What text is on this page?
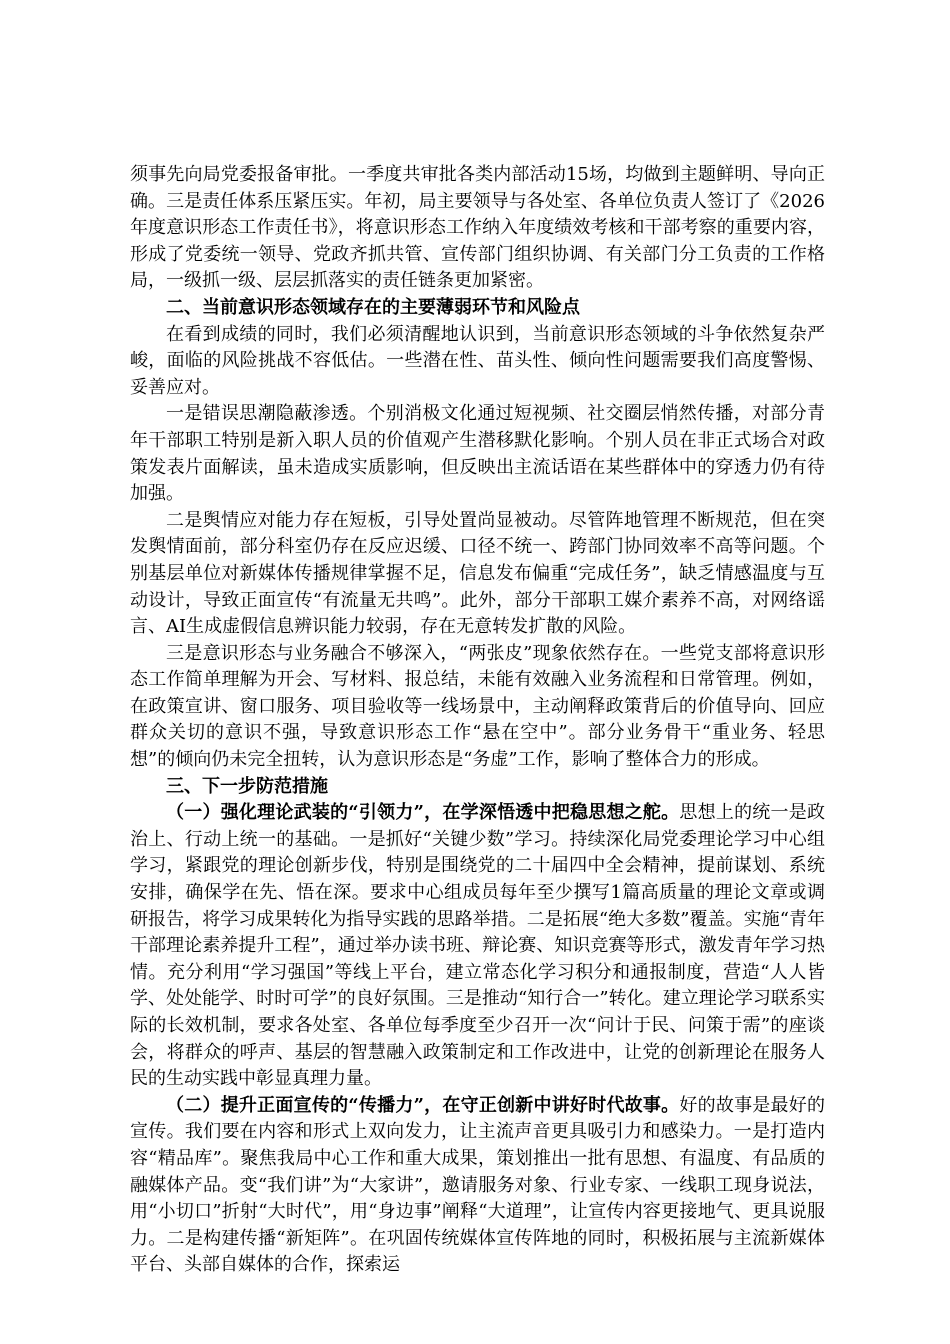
须事先向局党委报备审批。一季度共审批各类内部活动15场，均做到主题鲜明、导向正确。三是责任体系压紧压实。年初，局主要领导与各处室、各单位负责人签订了《2026年度意识形态工作责任书》，将意识形态工作纳入年度绩效考核和干部考察的重要内容，形成了党委统一领导、党政齐抓共管、宣传部门组织协调、有关部门分工负责的工作格局，一级抓一级、层层抓落实的责任链条更加紧密。

二、当前意识形态领域存在的主要薄弱环节和风险点

在看到成绩的同时，我们必须清醒地认识到，当前意识形态领域的斗争依然复杂严峻，面临的风险挑战不容低估。一些潜在性、苗头性、倾向性问题需要我们高度警惕、妥善应对。

一是错误思潮隐蔽渗透。个别消极文化通过短视频、社交圈层悄然传播，对部分青年干部职工特别是新入职人员的价值观产生潜移默化影响。个别人员在非正式场合对政策发表片面解读，虽未造成实质影响，但反映出主流话语在某些群体中的穿透力仍有待加强。

二是舆情应对能力存在短板，引导处置尚显被动。尽管阵地管理不断规范，但在突发舆情面前，部分科室仍存在反应迟缓、口径不统一、跨部门协同效率不高等问题。个别基层单位对新媒体传播规律掌握不足，信息发布偏重“完成任务”，缺乏情感温度与互动设计，导致正面宣传“有流量无共鸣”。此外，部分干部职工媒介素养不高，对网络谣言、AI生成虚假信息辨识能力较弱，存在无意转发扩散的风险。

三是意识形态与业务融合不够深入，“两张皮”现象依然存在。一些党支部将意识形态工作简单理解为开会、写材料、报总结，未能有效融入业务流程和日常管理。例如，在政策宣讲、窗口服务、项目验收等一线场景中，主动阐释政策背后的价值导向、回应群众关切的意识不强，导致意识形态工作“悬在空中”。部分业务骨干“重业务、轻思想”的倾向仍未完全扭转，认为意识形态是“务虚”工作，影响了整体合力的形成。

三、下一步防范措施

（一）强化理论武装的“引领力”，在学深悟透中把稳思想之舵。思想上的统一是政治上、行动上统一的基础。一是抓好“关键少数”学习。持续深化局党委理论学习中心组学习，紧跟党的理论创新步伐，特别是围绕党的二十届四中全会精神，提前谋划、系统安排，确保学在先、悟在深。要求中心组成员每年至少撰写1篇高质量的理论文章或调研报告，将学习成果转化为指导实践的思路举措。二是拓展“绝大多数”覆盖。实施“青年干部理论素养提升工程”，通过举办读书班、辩论赛、知识竞赛等形式，激发青年学习热情。充分利用“学习强国”等线上平台，建立常态化学习积分和通报制度，营造“人人皆学、处处能学、时时可学”的良好氛围。三是推动“知行合一”转化。建立理论学习联系实际的长效机制，要求各处室、各单位每季度至少召开一次“问计于民、问策于需”的座谈会，将群众的呼声、基层的智慧融入政策制定和工作改进中，让党的创新理论在服务人民的生动实践中彰显真理力量。

（二）提升正面宣传的“传播力”，在守正创新中讲好时代故事。好的故事是最好的宣传。我们要在内容和形式上双向发力，让主流声音更具吸引力和感染力。一是打造内容“精品库”。聚焦我局中心工作和重大成果，策划推出一批有思想、有温度、有品质的融媒体产品。变“我们讲”为“大家讲”，邀请服务对象、行业专家、一线职工现身说法，用“小切口”折射“大时代”，用“身边事”阐释“大道理”，让宣传内容更接地气、更具说服力。二是构建传播“新矩阵”。在巩固传统媒体宣传阵地的同时，积极拓展与主流新媒体平台、头部自媒体的合作，探索运
